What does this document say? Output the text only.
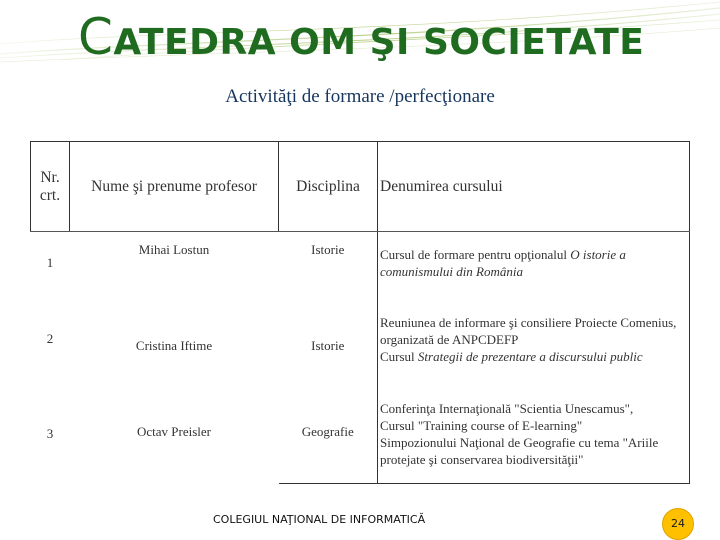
CATEDRA OM ŞI SOCIETATE
Activităţi de formare /perfecţionare
Nr. crt.	Nume şi prenume profesor	Disciplina	Denumirea cursului
1	Mihai Lostun	Istorie	Cursul de formare pentru opţionalul O istorie a comunismului din România
2	Cristina Iftime	Istorie	Reuniunea de informare şi consiliere Proiecte Comenius, organizată de ANPCDEFP
Cursul Strategii de prezentare a discursului public

3	Octav Preisler	Geografie	Conferinţa Internaţională "Scientia Unescamus",
Cursul "Training course of E-learning"
Simpozionului Naţional de Geografie cu tema "Ariile protejate şi conservarea biodiversităţii"
COLEGIUL NAŢIONAL DE INFORMATICĂ	24
